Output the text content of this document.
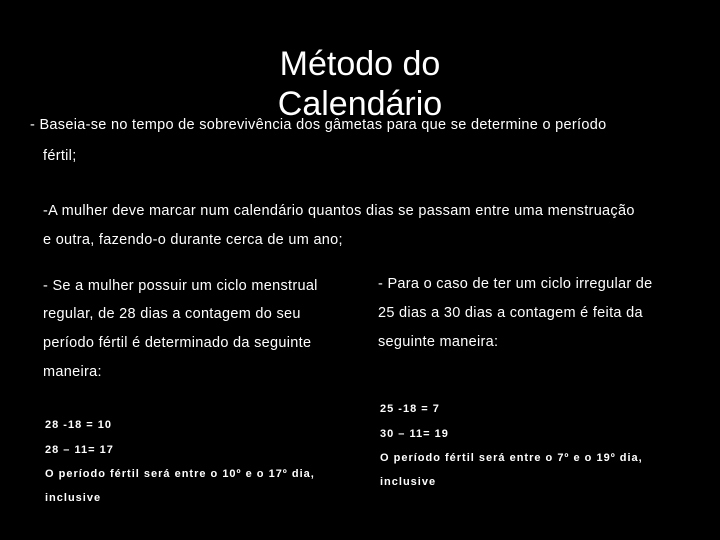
Método do
Calendário
- Baseia-se no tempo de sobrevivência dos gâmetas para que se determine o período
fértil;
-A mulher deve marcar num calendário quantos dias se passam entre uma menstruação
e outra, fazendo-o durante cerca de um ano;
- Se a mulher possuir um ciclo menstrual
regular, de 28 dias a contagem do seu
período fértil é determinado da seguinte
maneira:
28 -18 = 10
28 – 11= 17
O período fértil será entre o 10º e o 17º dia,
inclusive
- Para o caso de ter um ciclo irregular de
25 dias a 30 dias a contagem é feita da
seguinte maneira:
25 -18 = 7
30 – 11= 19
O período fértil será entre o 7º e o 19º dia,
inclusive
